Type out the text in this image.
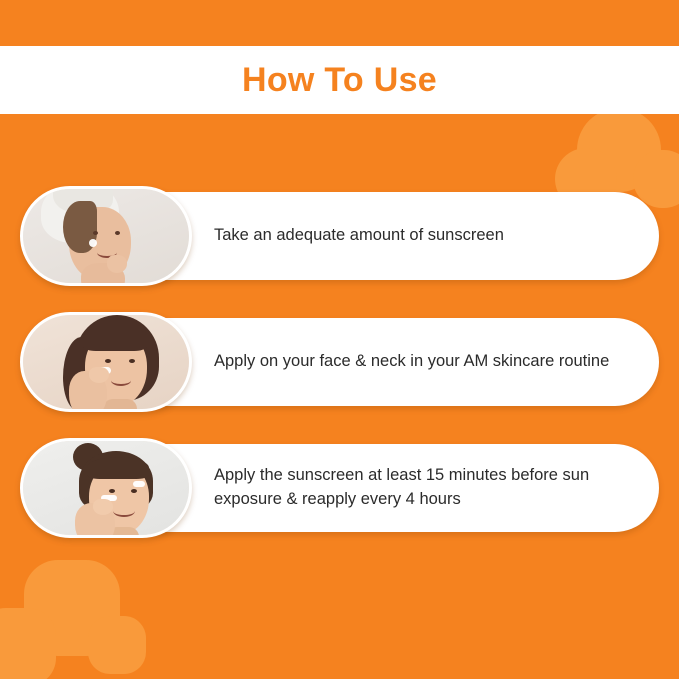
How To Use
Take an adequate amount of sunscreen
Apply on your face & neck in your AM skincare routine
Apply the sunscreen at least 15 minutes before sun exposure & reapply every 4 hours
